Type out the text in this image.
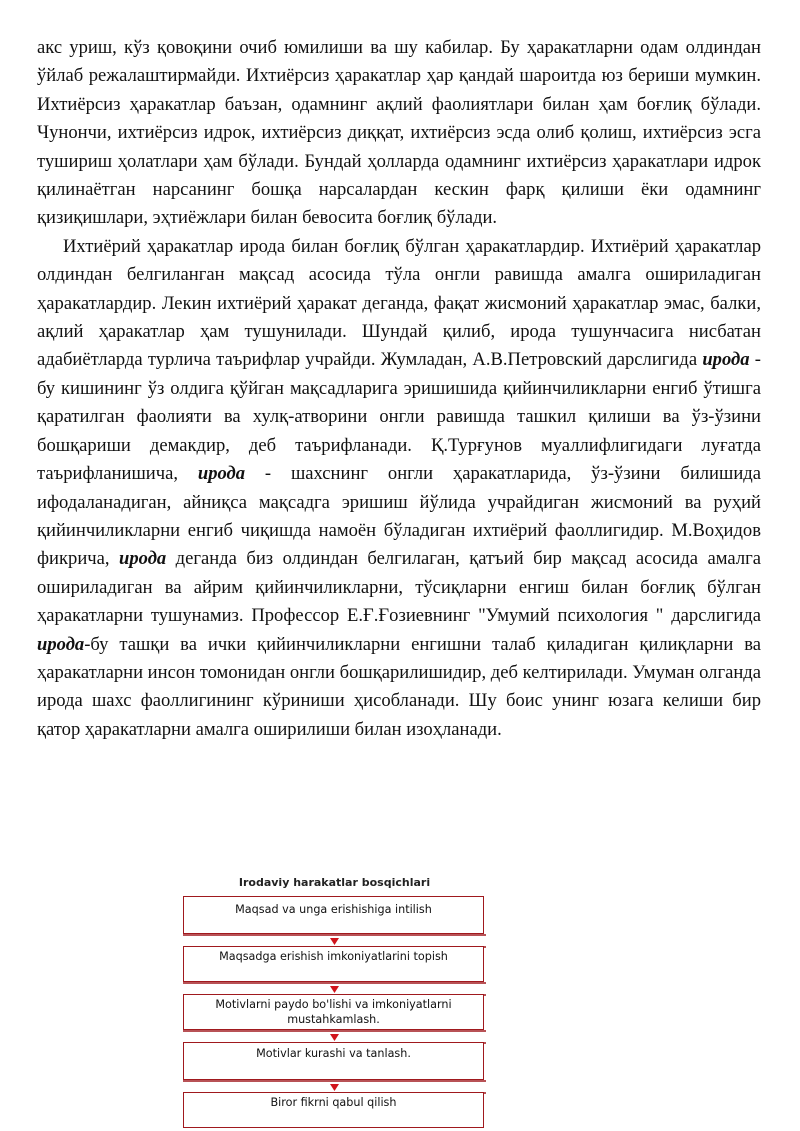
акс уриш, кўз қовоқини очиб юмилиши ва шу кабилар. Бу ҳаракатларни одам олдиндан ўйлаб режалаштирмайди. Ихтиёрсиз ҳаракатлар ҳар қандай шароитда юз бериши мумкин. Ихтиёрсиз ҳаракатлар баъзан, одамнинг ақлий фаолиятлари билан ҳам боғлиқ бўлади. Чунончи, ихтиёрсиз идрок, ихтиёрсиз диққат, ихтиёрсиз эсда олиб қолиш, ихтиёрсиз эсга тушириш ҳолатлари ҳам бўлади. Бундай ҳолларда одамнинг ихтиёрсиз ҳаракатлари идрок қилинаётган нарсанинг бошқа нарсалардан кескин фарқ қилиши ёки одамнинг қизиқишлари, эҳтиёжлари билан бевосита боғлиқ бўлади.

Ихтиёрий ҳаракатлар ирода билан боғлиқ бўлган ҳаракатлардир. Ихтиёрий ҳаракатлар олдиндан белгиланган мақсад асосида тўла онгли равишда амалга ошириладиган ҳаракатлардир. Лекин ихтиёрий ҳаракат деганда, фақат жисмоний ҳаракатлар эмас, балки, ақлий ҳаракатлар ҳам тушунилади. Шундай қилиб, ирода тушунчасига нисбатан адабиётларда турлича таърифлар учрайди. Жумладан, А.В.Петровский дарслигида ирода - бу кишининг ўз олдига қўйган мақсадларига эришишида қийинчиликларни енгиб ўтишга қаратилган фаолияти ва хулқ-атворини онгли равишда ташкил қилиши ва ўз-ўзини бошқариши демакдир, деб таърифланади. Қ.Турғунов муаллифлигидаги луғатда таърифланишича, ирода - шахснинг онгли ҳаракатларида, ўз-ўзини билишида ифодаланадиган, айниқса мақсадга эришиш йўлида учрайдиган жисмоний ва руҳий қийинчиликларни енгиб чиқишда намоён бўладиган ихтиёрий фаоллигидир. М.Воҳидов фикрича, ирода деганда биз олдиндан белгилаган, қатъий бир мақсад асосида амалга ошириладиган ва айрим қийинчиликларни, тўсиқларни енгиш билан боғлиқ бўлган ҳаракатларни тушунамиз. Профессор Е.Ғ.Ғозиевнинг "Умумий психология " дарслигида ирода-бу ташқи ва ички қийинчиликларни енгишни талаб қиладиган қилиқларни ва ҳаракатларни инсон томонидан онгли бошқарилишидир, деб келтирилади. Умуман олганда ирода шахс фаоллигининг кўриниши ҳисобланади. Шу боис унинг юзага келиши бир қатор ҳаракатларни амалга оширилиши билан изоҳланади.

Irodaviy harakatlar bosqichlari
Maqsad va unga erishishiga intilish
Maqsadga erishish imkoniyatlarini topish
Motivlarni paydo bo'lishi va imkoniyatlarni mustahkamlash.
Motivlar kurashi va tanlash.
Biror fikrni qabul qilish
